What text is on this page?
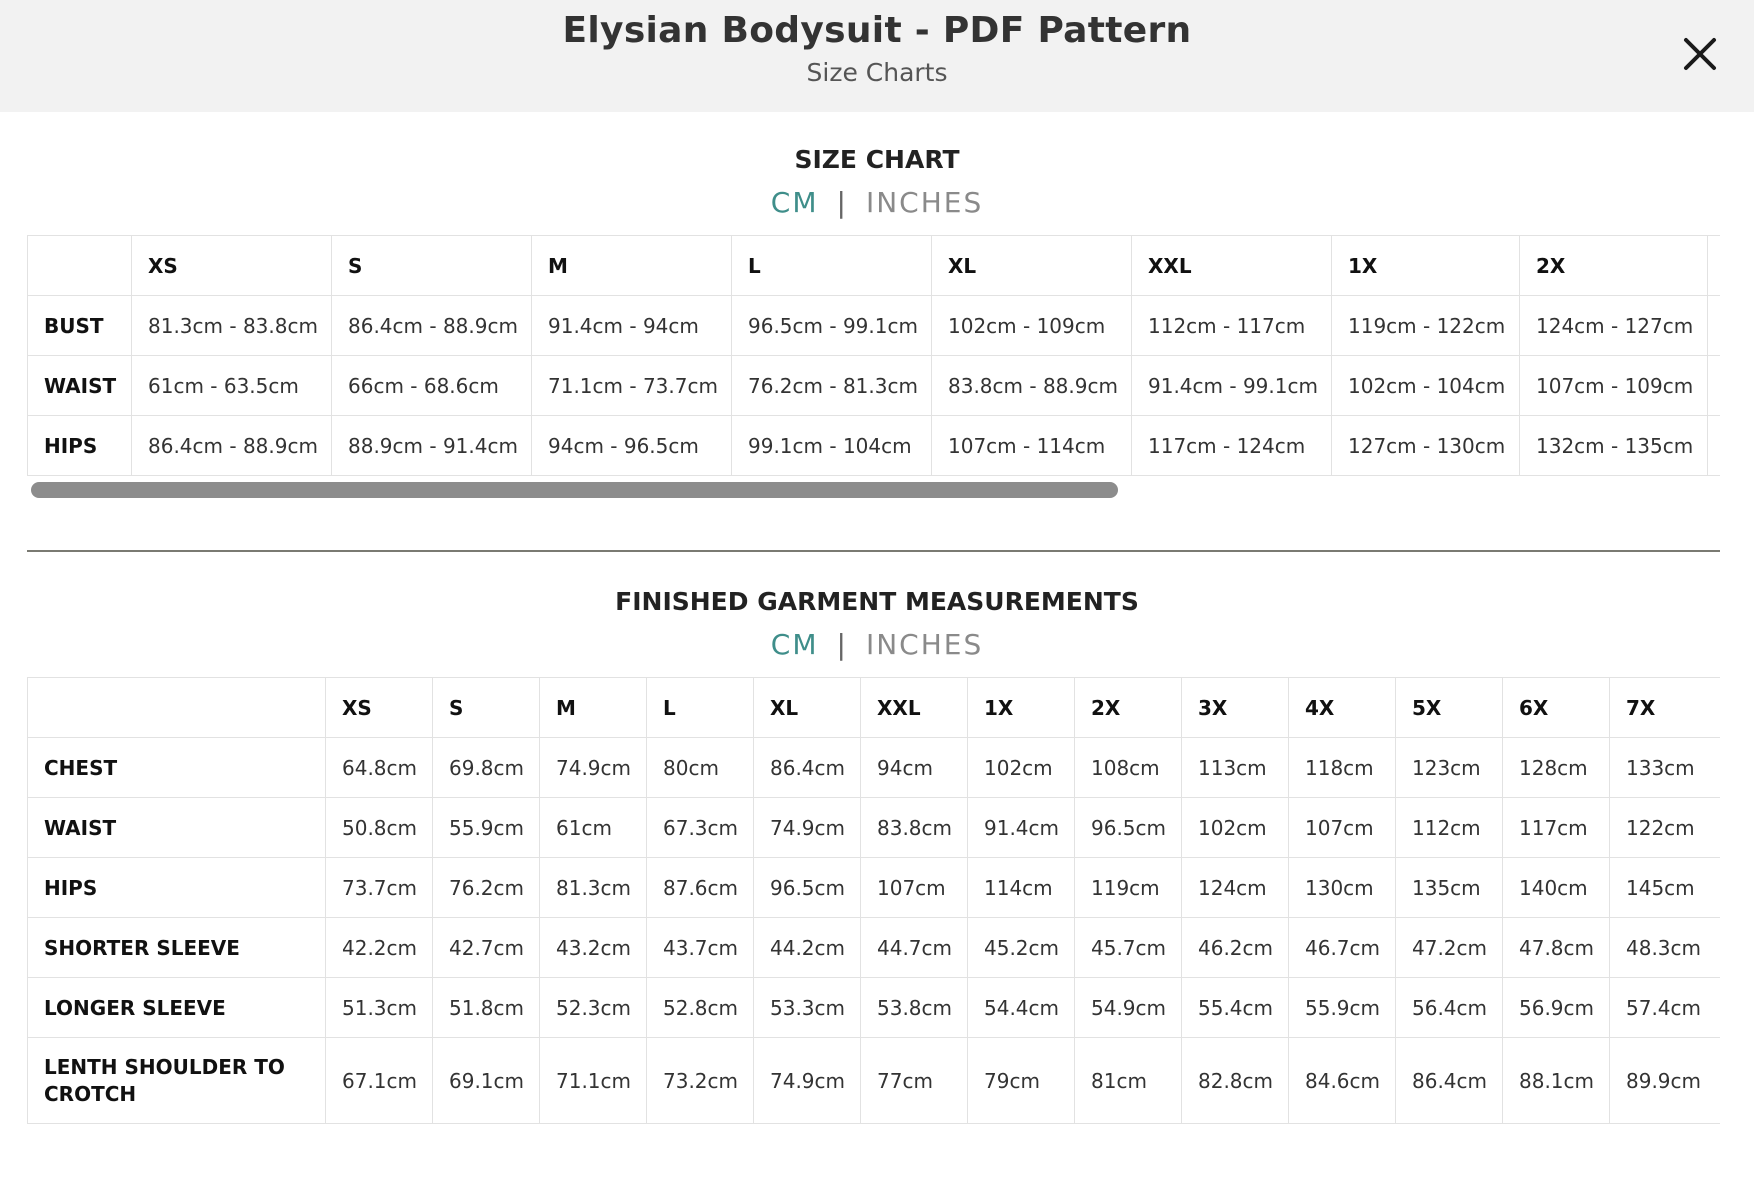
Elysian Bodysuit - PDF Pattern
Size Charts
SIZE CHART
CM | INCHES
	XS	S	M	L	XL	XXL	1X	2X	
BUST	81.3cm - 83.8cm	86.4cm - 88.9cm	91.4cm - 94cm	96.5cm - 99.1cm	102cm - 109cm	112cm - 117cm	119cm - 122cm	124cm - 127cm	
WAIST	61cm - 63.5cm	66cm - 68.6cm	71.1cm - 73.7cm	76.2cm - 81.3cm	83.8cm - 88.9cm	91.4cm - 99.1cm	102cm - 104cm	107cm - 109cm	
HIPS	86.4cm - 88.9cm	88.9cm - 91.4cm	94cm - 96.5cm	99.1cm - 104cm	107cm - 114cm	117cm - 124cm	127cm - 130cm	132cm - 135cm	
FINISHED GARMENT MEASUREMENTS
CM | INCHES
	XS	S	M	L	XL	XXL	1X	2X	3X	4X	5X	6X	7X
CHEST	64.8cm	69.8cm	74.9cm	80cm	86.4cm	94cm	102cm	108cm	113cm	118cm	123cm	128cm	133cm
WAIST	50.8cm	55.9cm	61cm	67.3cm	74.9cm	83.8cm	91.4cm	96.5cm	102cm	107cm	112cm	117cm	122cm
HIPS	73.7cm	76.2cm	81.3cm	87.6cm	96.5cm	107cm	114cm	119cm	124cm	130cm	135cm	140cm	145cm
SHORTER SLEEVE	42.2cm	42.7cm	43.2cm	43.7cm	44.2cm	44.7cm	45.2cm	45.7cm	46.2cm	46.7cm	47.2cm	47.8cm	48.3cm
LONGER SLEEVE	51.3cm	51.8cm	52.3cm	52.8cm	53.3cm	53.8cm	54.4cm	54.9cm	55.4cm	55.9cm	56.4cm	56.9cm	57.4cm
LENTH SHOULDER TO CROTCH	67.1cm	69.1cm	71.1cm	73.2cm	74.9cm	77cm	79cm	81cm	82.8cm	84.6cm	86.4cm	88.1cm	89.9cm
